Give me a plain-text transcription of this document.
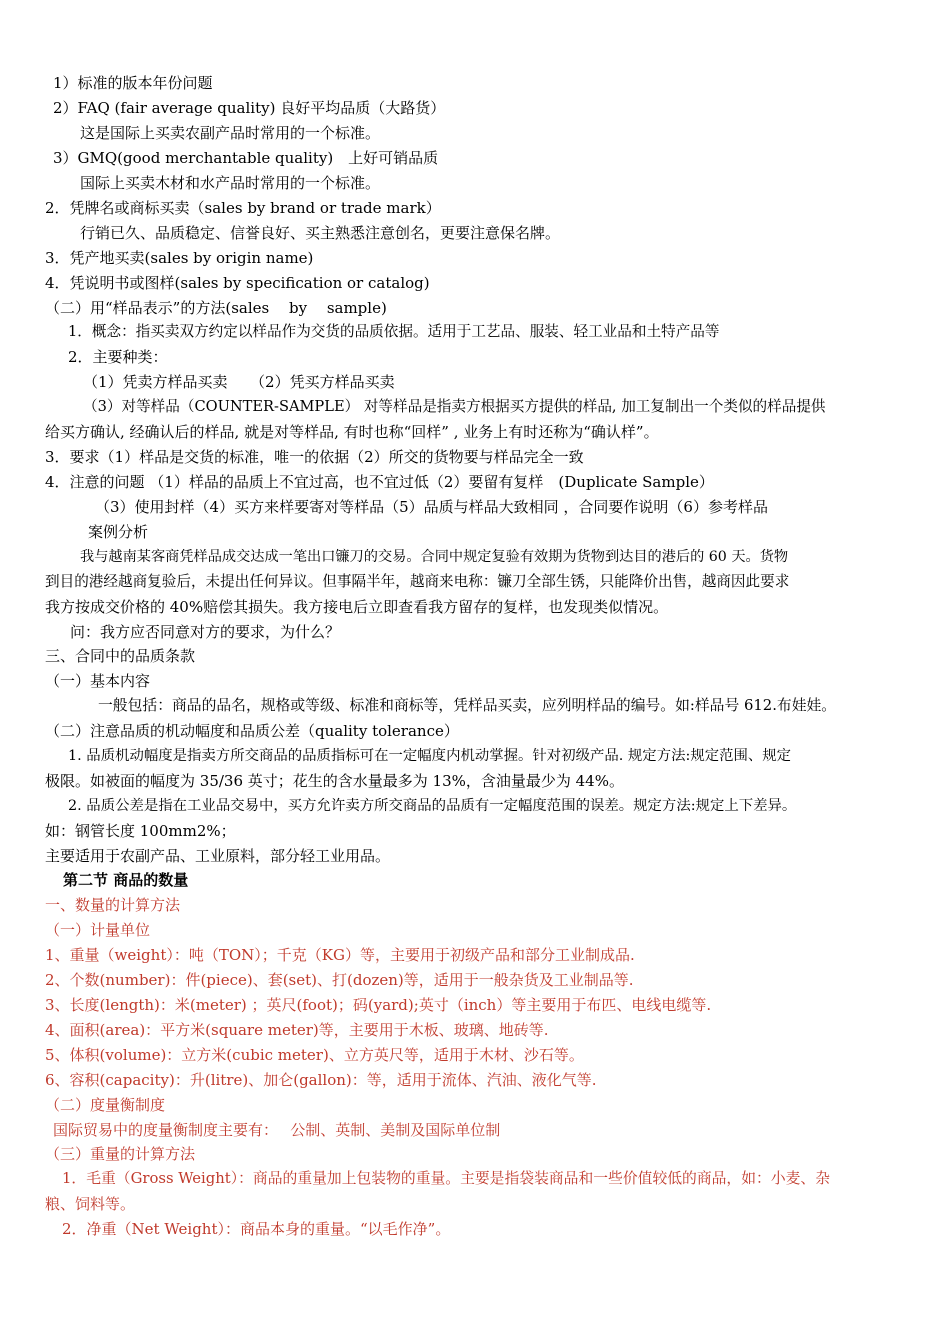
1）标准的版本年份问题

2）FAQ (fair average quality) 良好平均品质（大路货）

这是国际上买卖农副产品时常用的一个标准。

3）GMQ(good merchantable quality)　上好可销品质

国际上买卖木材和水产品时常用的一个标准。

2．凭牌名或商标买卖（sales by brand or trade mark）

行销已久、品质稳定、信誉良好、买主熟悉注意创名，更要注意保名牌。

3．凭产地买卖(sales by origin name)

4．凭说明书或图样(sales by specification or catalog)

（二）用“样品表示”的方法(sales　 by　 sample)

1．概念：指买卖双方约定以样品作为交货的品质依据。适用于工艺品、服装、轻工业品和土特产品等

2．主要种类：

（1）凭卖方样品买卖　　（2）凭买方样品买卖

（3）对等样品（COUNTER-SAMPLE） 对等样品是指卖方根据买方提供的样品, 加工复制出一个类似的样品提供

给买方确认, 经确认后的样品, 就是对等样品, 有时也称“回样” , 业务上有时还称为“确认样”。

3．要求（1）样品是交货的标准，唯一的依据（2）所交的货物要与样品完全一致

4．注意的问题 （1）样品的品质上不宜过高，也不宜过低（2）要留有复样　(Duplicate Sample）

（3）使用封样（4）买方来样要寄对等样品（5）品质与样品大致相同 ，合同要作说明（6）参考样品

案例分析

我与越南某客商凭样品成交达成一笔出口镰刀的交易。合同中规定复验有效期为货物到达目的港后的 60 天。货物

到目的港经越商复验后，未提出任何异议。但事隔半年，越商来电称：镰刀全部生锈，只能降价出售，越商因此要求

我方按成交价格的 40%赔偿其损失。我方接电后立即查看我方留存的复样，也发现类似情况。

问：我方应否同意对方的要求，为什么？

三、合同中的品质条款

（一）基本内容

一般包括：商品的品名，规格或等级、标准和商标等，凭样品买卖，应列明样品的编号。如:样品号 612.布娃娃。

（二）注意品质的机动幅度和品质公差（quality tolerance）

1. 品质机动幅度是指卖方所交商品的品质指标可在一定幅度内机动掌握。针对初级产品. 规定方法:规定范围、规定

极限。如被面的幅度为 35/36 英寸；花生的含水量最多为 13%，含油量最少为 44%。

2. 品质公差是指在工业品交易中，买方允许卖方所交商品的品质有一定幅度范围的误差。规定方法:规定上下差异。

如：钢管长度 100mm2%；

主要适用于农副产品、工业原料，部分轻工业用品。

第二节 商品的数量

一、数量的计算方法

（一）计量单位

1、重量（weight）：吨（TON）；千克（KG）等，主要用于初级产品和部分工业制成品.

2、个数(number)：件(piece)、套(set)、打(dozen)等，适用于一般杂货及工业制品等.

3、长度(length)：米(meter) ；英尺(foot)；码(yard);英寸（inch）等主要用于布匹、电线电缆等.

4、面积(area)：平方米(square meter)等，主要用于木板、玻璃、地砖等.

5、体积(volume)：立方米(cubic meter)、立方英尺等，适用于木材、沙石等。

6、容积(capacity)：升(litre)、加仑(gallon)：等，适用于流体、汽油、液化气等.

（二）度量衡制度

国际贸易中的度量衡制度主要有：　 公制、英制、美制及国际单位制

（三）重量的计算方法

1．毛重（Gross Weight）：商品的重量加上包装物的重量。主要是指袋装商品和一些价值较低的商品，如：小麦、杂

粮、饲料等。

2．净重（Net Weight）：商品本身的重量。“以毛作净”。
